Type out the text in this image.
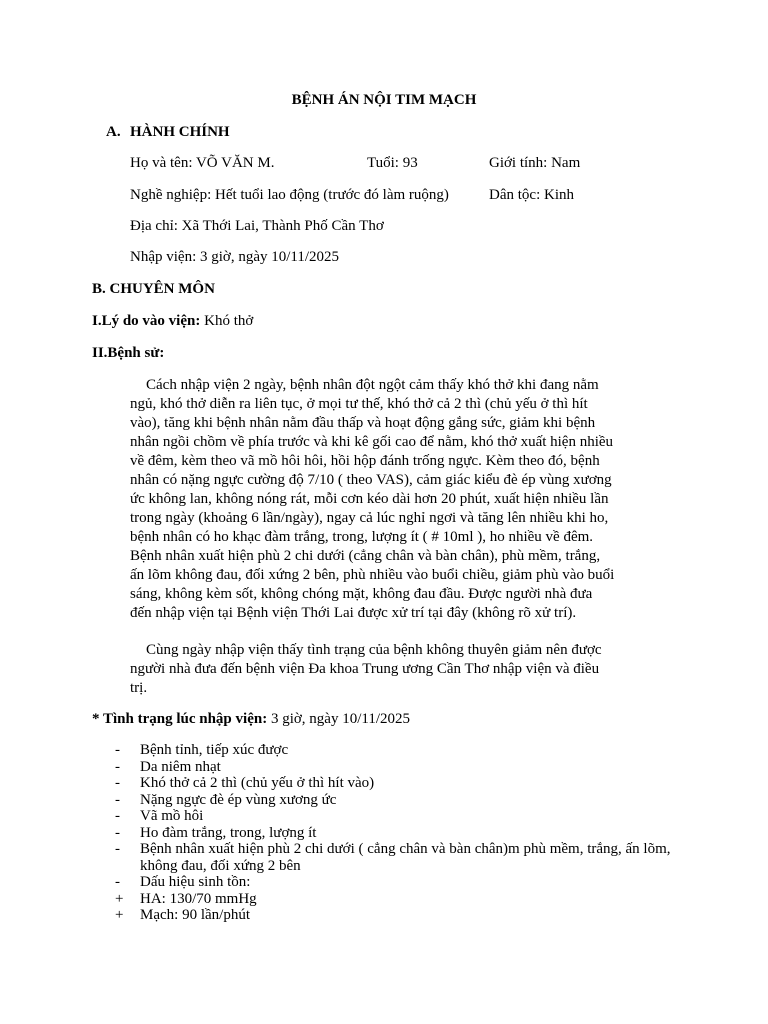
BỆNH ÁN NỘI TIM MẠCH
A. HÀNH CHÍNH
Họ và tên: VÕ VĂN M.	Tuổi: 93	Giới tính: Nam
Nghề nghiệp: Hết tuổi lao động (trước đó làm ruộng)	Dân tộc: Kinh
Địa chỉ: Xã Thới Lai, Thành Phố Cần Thơ
Nhập viện: 3 giờ, ngày 10/11/2025
B. CHUYÊN MÔN
I.Lý do vào viện: Khó thở
II.Bệnh sử:
Cách nhập viện 2 ngày, bệnh nhân đột ngột cảm thấy khó thở khi đang nằm ngủ, khó thở diễn ra liên tục, ở mọi tư thế, khó thở cả 2 thì (chủ yếu ở thì hít vào), tăng khi bệnh nhân nằm đầu thấp và hoạt động gắng sức, giảm khi bệnh nhân ngồi chồm về phía trước và khi kê gối cao để nằm, khó thở xuất hiện nhiều về đêm, kèm theo vã mồ hôi hôi, hồi hộp đánh trống ngực. Kèm theo đó, bệnh nhân có nặng ngực cường độ 7/10 ( theo VAS), cảm giác kiểu đè ép vùng xương ức không lan, không nóng rát, mỗi cơn kéo dài hơn 20 phút, xuất hiện nhiều lần trong ngày (khoảng 6 lần/ngày), ngay cả lúc nghỉ ngơi và tăng lên nhiều khi ho, bệnh nhân có ho khạc đàm trắng, trong, lượng ít ( # 10ml ), ho nhiều về đêm. Bệnh nhân xuất hiện phù 2 chi dưới (cẳng chân và bàn chân), phù mềm, trắng, ấn lõm không đau, đối xứng 2 bên, phù nhiều vào buổi chiều, giảm phù vào buổi sáng, không kèm sốt, không chóng mặt, không đau đầu. Được người nhà đưa đến nhập viện tại Bệnh viện Thới Lai được xử trí tại đây (không rõ xử trí).
Cùng ngày nhập viện thấy tình trạng của bệnh không thuyên giảm nên được người nhà đưa đến bệnh viện Đa khoa Trung ương Cần Thơ nhập viện và điều trị.
* Tình trạng lúc nhập viện: 3 giờ, ngày 10/11/2025
-	Bệnh tỉnh, tiếp xúc được
-	Da niêm nhạt
-	Khó thở cả 2 thì (chủ yếu ở thì hít vào)
-	Nặng ngực đè ép vùng xương ức
-	Vã mồ hôi
-	Ho đàm trắng, trong, lượng ít
-	Bệnh nhân xuất hiện phù 2 chi dưới ( cẳng chân và bàn chân)m phù mềm, trắng, ấn lõm, không đau, đối xứng 2 bên
-	Dấu hiệu sinh tồn:
+	HA: 130/70 mmHg
+	Mạch: 90 lần/phút
